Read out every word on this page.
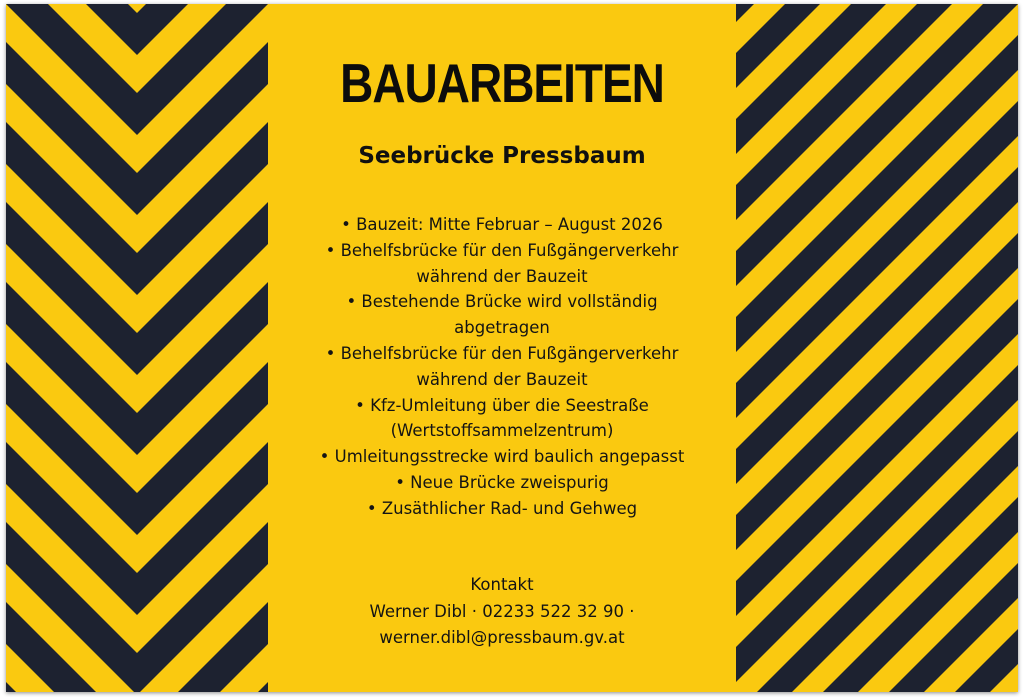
BAUARBEITEN
Seebrücke Pressbaum
• Bauzeit: Mitte Februar – August 2026
• Behelfsbrücke für den Fußgängerverkehr
während der Bauzeit
• Bestehende Brücke wird vollständig
abgetragen
• Behelfsbrücke für den Fußgängerverkehr
während der Bauzeit
• Kfz-Umleitung über die Seestraße
(Wertstoffsammelzentrum)
• Umleitungsstrecke wird baulich angepasst
• Neue Brücke zweispurig
• Zusäthlicher Rad- und Gehweg
Kontakt
Werner Dibl · 02233 522 32 90 ·
werner.dibl@pressbaum.gv.at
